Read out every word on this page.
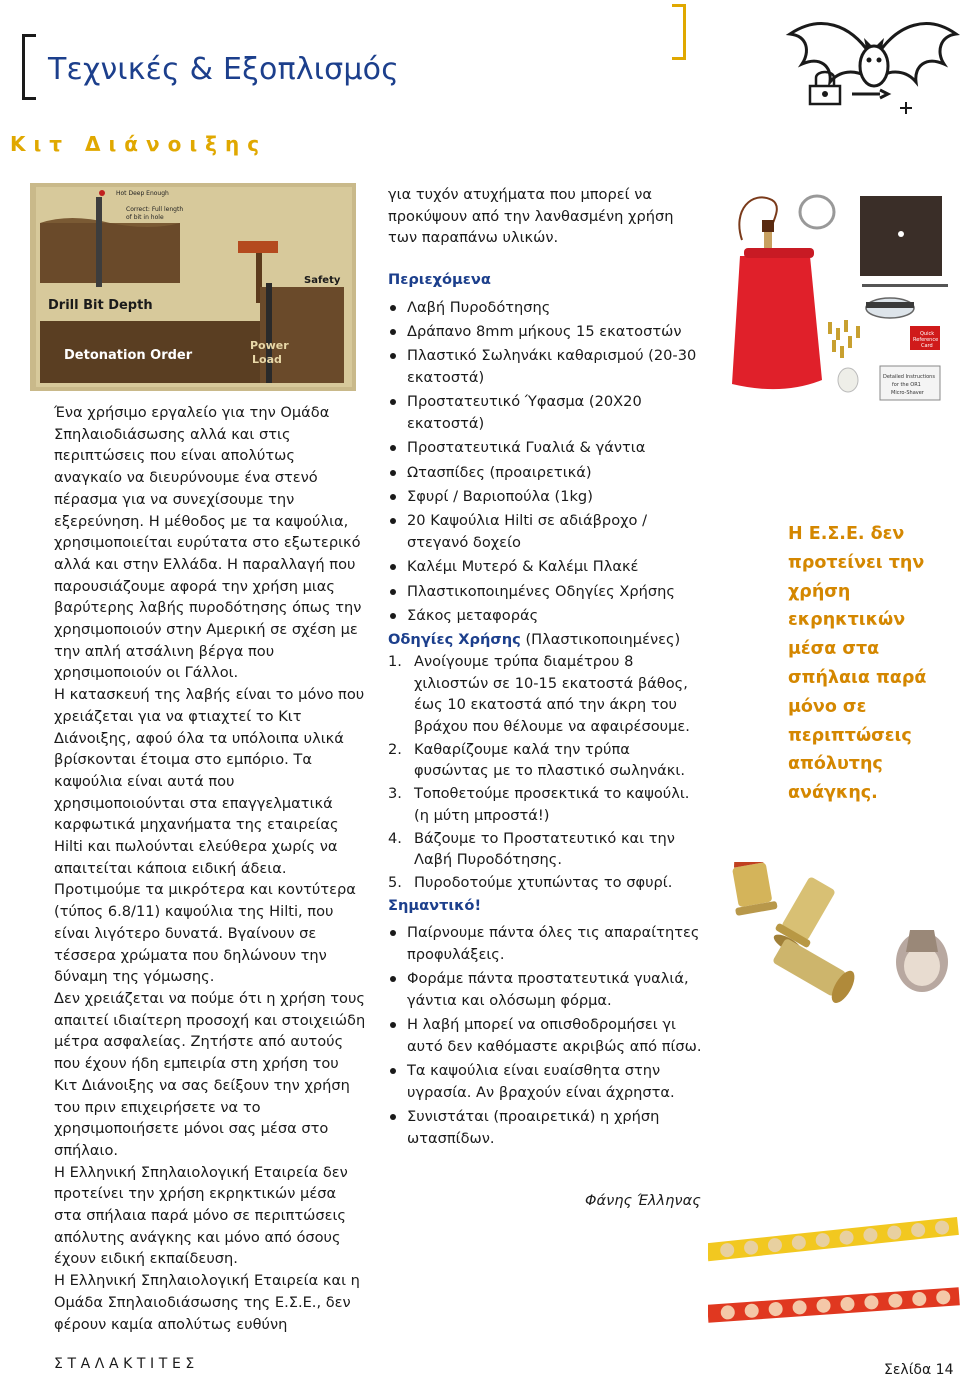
Τεχνικές & Εξοπλισμός
Κιτ Διάνοιξης
Hot Deep Enough
Correct: Full length
of bit in hole
Drill Bit Depth
Safety
Detonation Order
Power
Load

Ένα χρήσιμο εργαλείο για την Ομάδα Σπηλαιοδιάσωσης αλλά και στις περιπτώσεις που είναι απολύτως αναγκαίο να διευρύνουμε ένα στενό πέρασμα για να συνεχίσουμε την εξερεύνηση. Η μέθοδος με τα καψούλια, χρησιμοποιείται ευρύτατα στο εξωτερικό αλλά και στην Ελλάδα. Η παραλλαγή που παρουσιάζουμε αφορά την χρήση μιας βαρύτερης λαβής πυροδότησης όπως την χρησιμοποιούν στην Αμερική σε σχέση με την απλή ατσάλινη βέργα που χρησιμοποιούν οι Γάλλοι.

Η κατασκευή της λαβής είναι το μόνο που χρειάζεται για να φτιαχτεί το Κιτ Διάνοιξης, αφού όλα τα υπόλοιπα υλικά βρίσκονται έτοιμα στο εμπόριο. Τα καψούλια είναι αυτά που χρησιμοποιούνται στα επαγγελματικά καρφωτικά μηχανήματα της εταιρείας Hilti και πωλούνται ελεύθερα χωρίς να απαιτείται κάποια ειδική άδεια. Προτιμούμε τα μικρότερα και κοντύτερα (τύπος 6.8/11) καψούλια της Hilti, που είναι λιγότερο δυνατά. Βγαίνουν σε τέσσερα χρώματα που δηλώνουν την δύναμη της γόμωσης.

Δεν χρειάζεται να πούμε ότι η χρήση τους απαιτεί ιδιαίτερη προσοχή και στοιχειώδη μέτρα ασφαλείας. Ζητήστε από αυτούς που έχουν ήδη εμπειρία στη χρήση του Κιτ Διάνοιξης να σας δείξουν την χρήση του πριν επιχειρήσετε να το χρησιμοποιήσετε μόνοι σας μέσα στο σπήλαιο.

Η Ελληνική Σπηλαιολογική Εταιρεία δεν προτείνει την χρήση εκρηκτικών μέσα στα σπήλαια παρά μόνο σε περιπτώσεις απόλυτης ανάγκης και μόνο από όσους έχουν ειδική εκπαίδευση.

Η Ελληνική Σπηλαιολογική Εταιρεία και η Ομάδα Σπηλαιοδιάσωσης της Ε.Σ.Ε., δεν φέρουν καμία απολύτως ευθύνη

για τυχόν ατυχήματα που μπορεί να προκύψουν από την λανθασμένη χρήση των παραπάνω υλικών.

Περιεχόμενα

Λαβή Πυροδότησης
Δράπανο 8mm μήκους 15 εκατοστών
Πλαστικό Σωληνάκι καθαρισμού (20-30 εκατοστά)
Προστατευτικό Ύφασμα (20Χ20 εκατοστά)
Προστατευτικά Γυαλιά & γάντια
Ωτασπίδες (προαιρετικά)
Σφυρί / Βαριοπούλα (1kg)
20 Καψούλια Hilti σε αδιάβροχο / στεγανό δοχείο
Καλέμι Μυτερό & Καλέμι Πλακέ
Πλαστικοποιημένες Οδηγίες Χρήσης
Σάκος μεταφοράς

Οδηγίες Χρήσης (Πλαστικοποιημένες)

1. Ανοίγουμε τρύπα διαμέτρου 8 χιλιοστών σε 10-15 εκατοστά βάθος, έως 10 εκατοστά από την άκρη του βράχου που θέλουμε να αφαιρέσουμε.
2. Καθαρίζουμε καλά την τρύπα φυσώντας με το πλαστικό σωληνάκι.
3. Τοποθετούμε προσεκτικά το καψούλι. (η μύτη μπροστά!)
4. Βάζουμε το Προστατευτικό και την Λαβή Πυροδότησης.
5. Πυροδοτούμε χτυπώντας το σφυρί.

Σημαντικό!

Παίρνουμε πάντα όλες τις απαραίτητες προφυλάξεις.
Φοράμε πάντα προστατευτικά γυαλιά, γάντια και ολόσωμη φόρμα.
Η λαβή μπορεί να οπισθοδρομήσει γι αυτό δεν καθόμαστε ακριβώς από πίσω.
Τα καψούλια είναι ευαίσθητα στην υγρασία. Αν βραχούν είναι άχρηστα.
Συνιστάται (προαιρετικά) η χρήση ωτασπίδων.
Φάνης Έλληνας
Quick
Reference
Card
Detailed Instructions
for the OR1
Micro-Shaver
Η Ε.Σ.Ε. δεν προτείνει την χρήση εκρηκτικών μέσα στα σπήλαια παρά μόνο σε περιπτώσεις απόλυτης ανάγκης.
ΣΤΑΛΑΚΤΙΤΕΣ	Σελίδα 14
